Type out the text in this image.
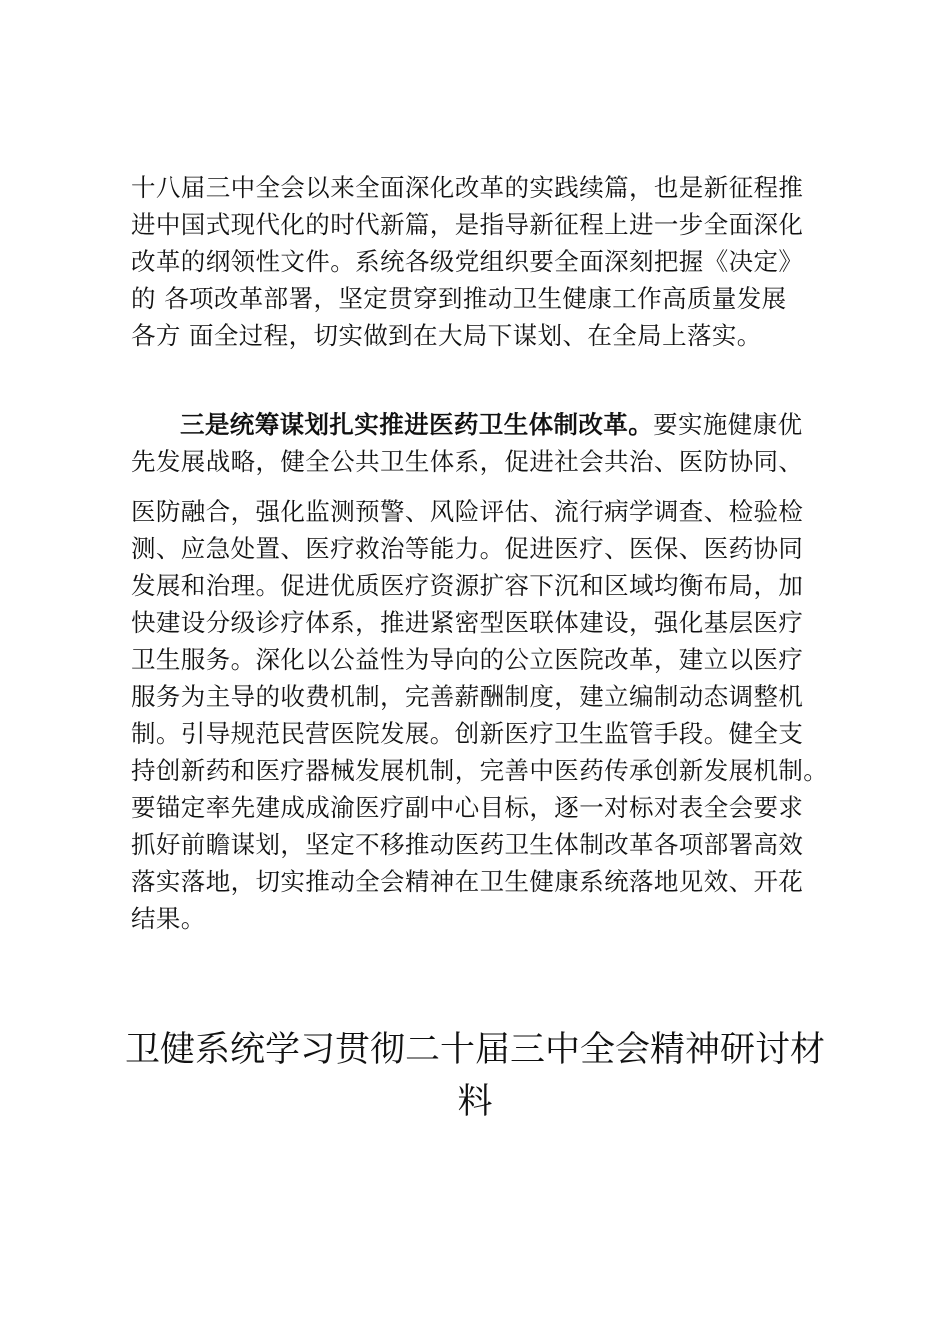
十八届三中全会以来全面深化改革的实践续篇，也是新征程推
进中国式现代化的时代新篇，是指导新征程上进一步全面深化
改革的纲领性文件。系统各级党组织要全面深刻把握《决定》
的 各项改革部署，坚定贯穿到推动卫生健康工作高质量发展
各方 面全过程，切实做到在大局下谋划、在全局上落实。
三是统筹谋划扎实推进医药卫生体制改革。要实施健康优
先发展战略，健全公共卫生体系，促进社会共治、医防协同、
医防融合，强化监测预警、风险评估、流行病学调查、检验检
测、应急处置、医疗救治等能力。促进医疗、医保、医药协同
发展和治理。促进优质医疗资源扩容下沉和区域均衡布局，加
快建设分级诊疗体系，推进紧密型医联体建设，强化基层医疗
卫生服务。深化以公益性为导向的公立医院改革，建立以医疗
服务为主导的收费机制，完善薪酬制度，建立编制动态调整机
制。引导规范民营医院发展。创新医疗卫生监管手段。健全支
持创新药和医疗器械发展机制，完善中医药传承创新发展机制。
要锚定率先建成成渝医疗副中心目标，逐一对标对表全会要求
抓好前瞻谋划，坚定不移推动医药卫生体制改革各项部署高效
落实落地，切实推动全会精神在卫生健康系统落地见效、开花
结果。
卫健系统学习贯彻二十届三中全会精神研讨材
料
